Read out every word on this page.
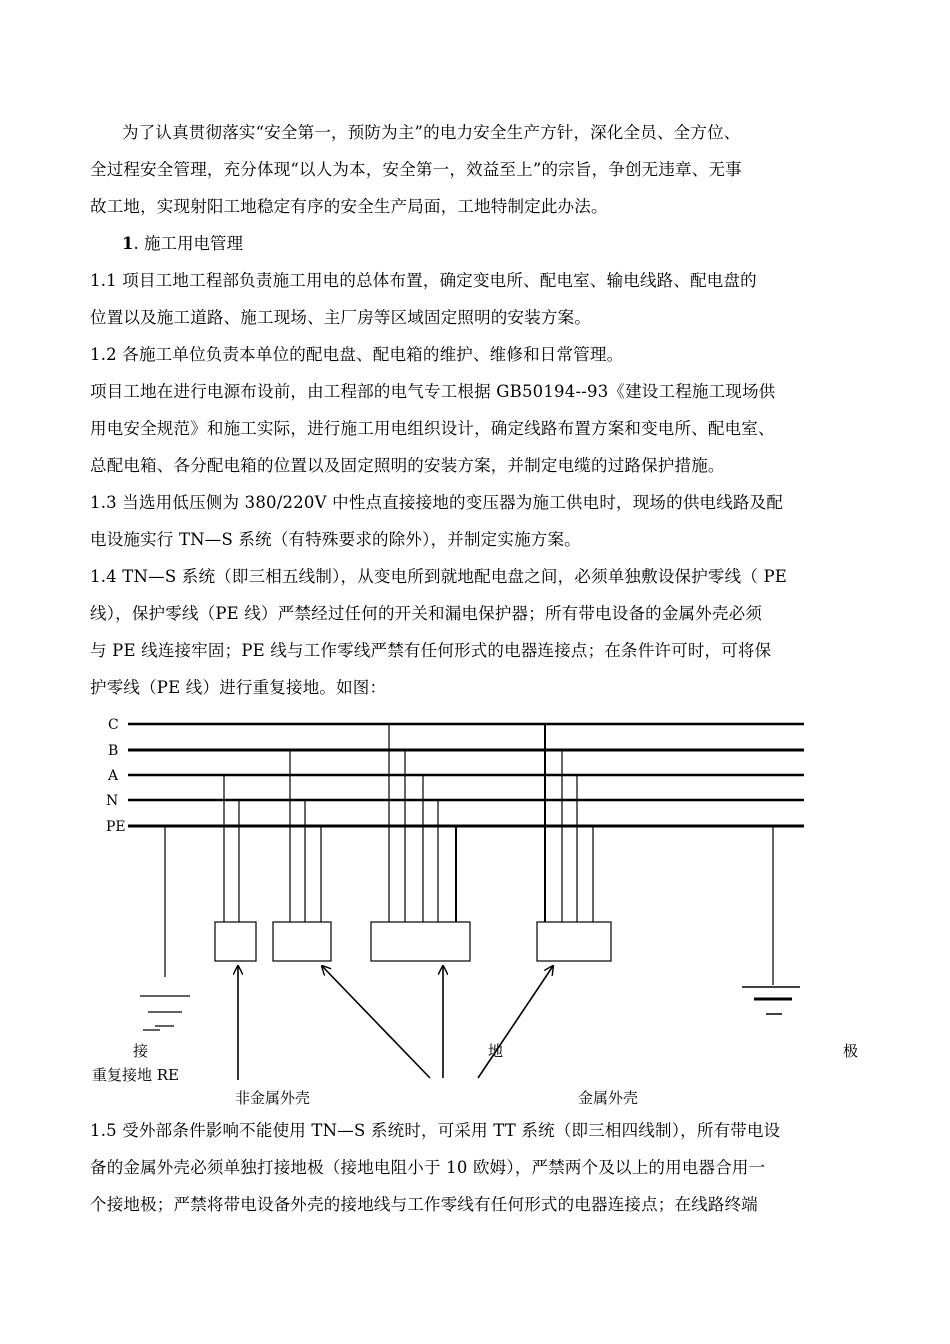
为了认真贯彻落实“安全第一，预防为主”的电力安全生产方针，深化全员、全方位、
全过程安全管理，充分体现“以人为本，安全第一，效益至上”的宗旨，争创无违章、无事
故工地，实现射阳工地稳定有序的安全生产局面，工地特制定此办法。
1. 施工用电管理
1.1 项目工地工程部负责施工用电的总体布置，确定变电所、配电室、输电线路、配电盘的
位置以及施工道路、施工现场、主厂房等区域固定照明的安装方案。
1.2 各施工单位负责本单位的配电盘、配电箱的维护、维修和日常管理。
项目工地在进行电源布设前，由工程部的电气专工根据 GB50194--93《建设工程施工现场供
用电安全规范》和施工实际，进行施工用电组织设计，确定线路布置方案和变电所、配电室、
总配电箱、各分配电箱的位置以及固定照明的安装方案，并制定电缆的过路保护措施。
1.3 当选用低压侧为 380/220V 中性点直接接地的变压器为施工供电时，现场的供电线路及配
电设施实行 TN—S 系统（有特殊要求的除外），并制定实施方案。
1.4 TN—S 系统（即三相五线制），从变电所到就地配电盘之间，必须单独敷设保护零线（ PE
线），保护零线（PE 线）严禁经过任何的开关和漏电保护器；所有带电设备的金属外壳必须
与 PE 线连接牢固；PE 线与工作零线严禁有任何形式的电器连接点；在条件许可时，可将保
护零线（PE 线）进行重复接地。如图：
C
B
A
N
PE
接	地	极
重复接地 RE
非金属外壳	金属外壳
1.5 受外部条件影响不能使用 TN—S 系统时，可采用 TT 系统（即三相四线制），所有带电设
备的金属外壳必须单独打接地极（接地电阻小于 10 欧姆），严禁两个及以上的用电器合用一
个接地极；严禁将带电设备外壳的接地线与工作零线有任何形式的电器连接点；在线路终端
